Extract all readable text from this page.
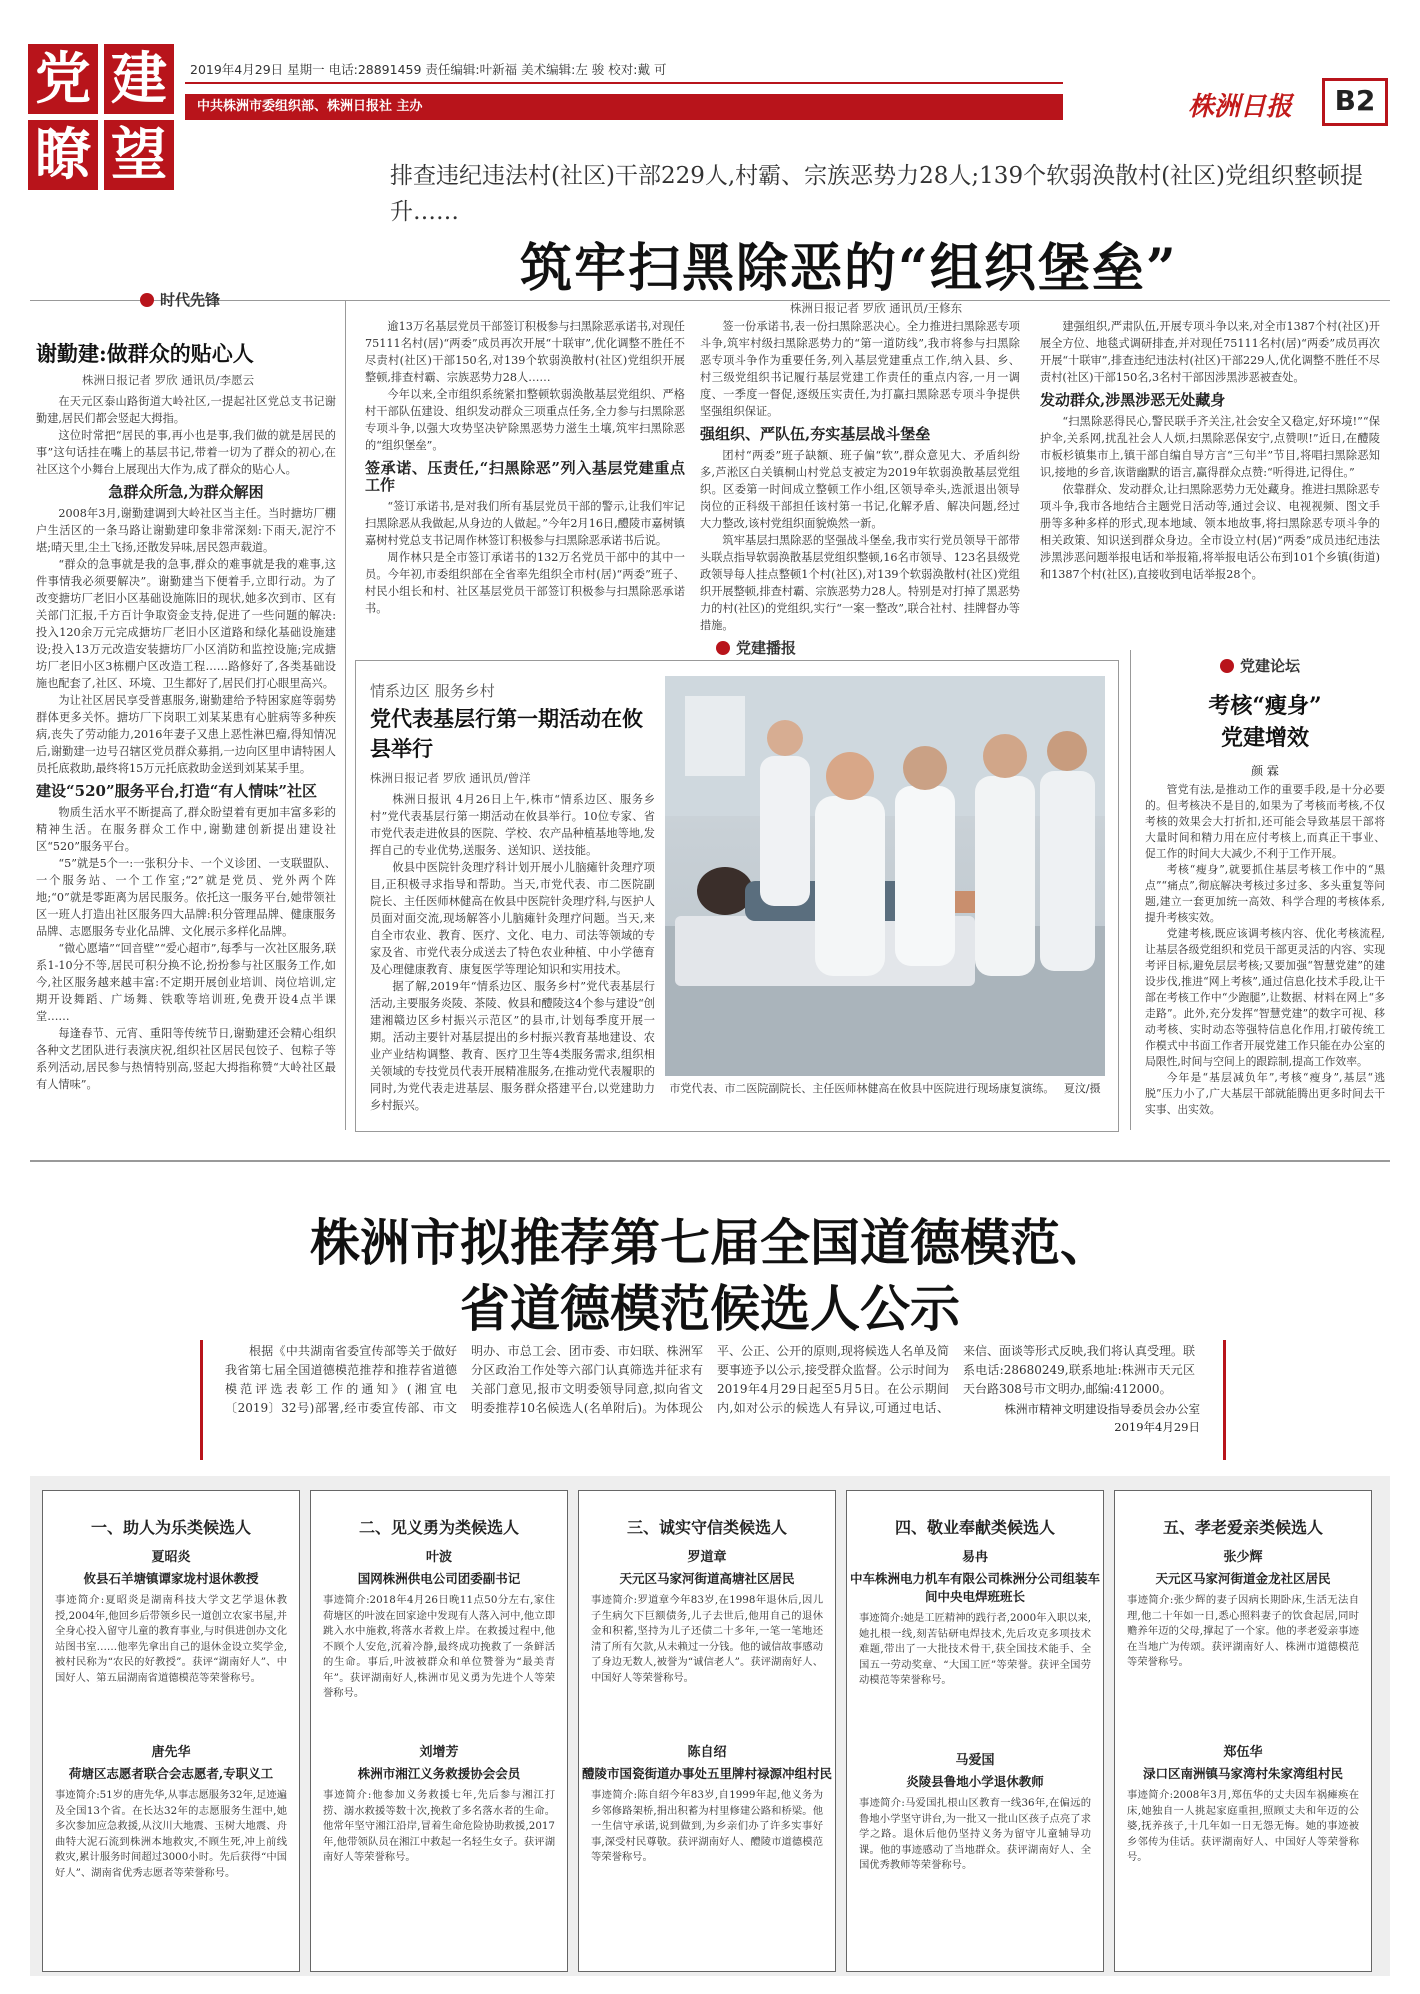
党 建
瞭 望
2019年4月29日 星期一 电话:28891459 责任编辑:叶新福 美术编辑:左 骏 校对:戴 可
中共株洲市委组织部、株洲日报社 主办	株洲日报	B2
排查违纪违法村(社区)干部229人,村霸、宗族恶势力28人;139个软弱涣散村(社区)党组织整顿提升……
筑牢扫黑除恶的“组织堡垒”
时代先锋
谢勤建:做群众的贴心人

株洲日报记者 罗欣 通讯员/李愿云

在天元区泰山路街道大岭社区,一提起社区党总支书记谢勤建,居民们都会竖起大拇指。

这位时常把“居民的事,再小也是事,我们做的就是居民的事”这句话挂在嘴上的基层书记,带着一切为了群众的初心,在社区这个小舞台上展现出大作为,成了群众的贴心人。

急群众所急,为群众解困

2008年3月,谢勤建调到大岭社区当主任。当时搪坊厂棚户生活区的一条马路让谢勤建印象非常深刻:下雨天,泥泞不堪;晴天里,尘土飞扬,还散发异味,居民怨声载道。

“群众的急事就是我的急事,群众的难事就是我的难事,这件事情我必须要解决”。谢勤建当下便着手,立即行动。为了改变搪坊厂老旧小区基础设施陈旧的现状,她多次到市、区有关部门汇报,千方百计争取资金支持,促进了一些问题的解决:投入120余万元完成搪坊厂老旧小区道路和绿化基础设施建设;投入13万元改造安装搪坊厂小区消防和监控设施;完成搪坊厂老旧小区3栋棚户区改造工程……路修好了,各类基础设施也配套了,社区、环境、卫生都好了,居民们打心眼里高兴。

为让社区居民享受普惠服务,谢勤建给予特困家庭等弱势群体更多关怀。搪坊厂下岗职工刘某某患有心脏病等多种疾病,丧失了劳动能力,2016年妻子又患上恶性淋巴瘤,得知情况后,谢勤建一边号召辖区党员群众募捐,一边向区里申请特困人员托底救助,最终将15万元托底救助金送到刘某某手里。

建设“520”服务平台,打造“有人情味”社区

物质生活水平不断提高了,群众盼望着有更加丰富多彩的精神生活。在服务群众工作中,谢勤建创新提出建设社区“520”服务平台。

“5”就是5个一:一张积分卡、一个义诊团、一支联盟队、一个服务站、一个工作室;“2”就是党员、党外两个阵地;“0”就是零距离为居民服务。依托这一服务平台,她带领社区一班人打造出社区服务四大品牌:积分管理品牌、健康服务品牌、志愿服务专业化品牌、文化展示多样化品牌。

“微心愿墙”“回音壁”“爱心超市”,每季与一次社区服务,联系1-10分不等,居民可积分换不论,扮扮参与社区服务工作,如今,社区服务越来越丰富:不定期开展创业培训、岗位培训,定期开设舞蹈、广场舞、铁歌等培训班,免费开设4点半课堂……

每逢春节、元宵、重阳等传统节日,谢勤建还会精心组织各种文艺团队进行表演庆祝,组织社区居民包饺子、包粽子等系列活动,居民参与热情特别高,竖起大拇指称赞“大岭社区最有人情味”。

株洲日报记者 罗欣 通讯员/王修东

逾13万名基层党员干部签订积极参与扫黑除恶承诺书,对现任75111名村(居)“两委”成员再次开展“十联审”,优化调整不胜任不尽责村(社区)干部150名,对139个软弱涣散村(社区)党组织开展整顿,排查村霸、宗族恶势力28人……

今年以来,全市组织系统紧扣整顿软弱涣散基层党组织、严格村干部队伍建设、组织发动群众三项重点任务,全力参与扫黑除恶专项斗争,以强大攻势坚决铲除黑恶势力滋生土壤,筑牢扫黑除恶的“组织堡垒”。

签承诺、压责任,“扫黑除恶”列入基层党建重点工作

“签订承诺书,是对我们所有基层党员干部的警示,让我们牢记扫黑除恶从我做起,从身边的人做起。”今年2月16日,醴陵市嘉树镇嘉树村党总支书记周作林签订积极参与扫黑除恶承诺书后说。

周作林只是全市签订承诺书的132万名党员干部中的其中一员。今年初,市委组织部在全省率先组织全市村(居)“两委”班子、村民小组长和村、社区基层党员干部签订积极参与扫黑除恶承诺书。

签一份承诺书,表一份扫黑除恶决心。全力推进扫黑除恶专项斗争,筑牢村级扫黑除恶势力的“第一道防线”,我市将参与扫黑除恶专项斗争作为重要任务,列入基层党建重点工作,纳入县、乡、村三级党组织书记履行基层党建工作责任的重点内容,一月一调度、一季度一督促,逐级压实责任,为打赢扫黑除恶专项斗争提供坚强组织保证。

强组织、严队伍,夯实基层战斗堡垒

团村“两委”班子缺额、班子偏“软”,群众意见大、矛盾纠纷多,芦淞区白关镇桐山村党总支被定为2019年软弱涣散基层党组织。区委第一时间成立整顿工作小组,区领导牵头,选派退出领导岗位的正科级干部担任该村第一书记,化解矛盾、解决问题,经过大力整改,该村党组织面貌焕然一新。

筑牢基层扫黑除恶的坚强战斗堡垒,我市实行党员领导干部带头联点指导软弱涣散基层党组织整顿,16名市领导、123名县级党政领导每人挂点整顿1个村(社区),对139个软弱涣散村(社区)党组织开展整顿,排查村霸、宗族恶势力28人。特别是对打掉了黑恶势力的村(社区)的党组织,实行“一案一整改”,联合社村、挂牌督办等措施。

建强组织,严肃队伍,开展专项斗争以来,对全市1387个村(社区)开展全方位、地毯式调研排查,并对现任75111名村(居)“两委”成员再次开展“十联审”,排查违纪违法村(社区)干部229人,优化调整不胜任不尽责村(社区)干部150名,3名村干部因涉黑涉恶被查处。

发动群众,涉黑涉恶无处藏身

“扫黑除恶得民心,警民联手齐关注,社会安全又稳定,好环境!”“保护伞,关系网,扰乱社会人人烦,扫黑除恶保安宁,点赞呗!”近日,在醴陵市板杉镇集市上,镇干部自编自导方言“三句半”节目,将唱扫黑除恶知识,接地的乡音,诙谐幽默的语言,赢得群众点赞:“听得进,记得住。”

依靠群众、发动群众,让扫黑除恶势力无处藏身。推进扫黑除恶专项斗争,我市各地结合主题党日活动等,通过会议、电视视频、图文手册等多种多样的形式,现本地域、领本地故事,将扫黑除恶专项斗争的相关政策、知识送到群众身边。全市设立村(居)“两委”成员违纪违法涉黑涉恶问题举报电话和举报箱,将举报电话公布到101个乡镇(街道)和1387个村(社区),直接收到电话举报28个。

党建播报
情系边区 服务乡村
党代表基层行第一期活动在攸县举行

株洲日报记者 罗欣 通讯员/曾洋

株洲日报讯 4月26日上午,株市“情系边区、服务乡村”党代表基层行第一期活动在攸县举行。10位专家、省市党代表走进攸县的医院、学校、农产品种植基地等地,发挥自己的专业优势,送服务、送知识、送技能。

攸县中医院针灸理疗科计划开展小儿脑瘫针灸理疗项目,正积极寻求指导和帮助。当天,市党代表、市二医院副院长、主任医师林健高在攸县中医院针灸理疗科,与医护人员面对面交流,现场解答小儿脑瘫针灸理疗问题。当天,来自全市农业、教育、医疗、文化、电力、司法等领域的专家及省、市党代表分成送去了特色农业种植、中小学德育及心理健康教育、康复医学等理论知识和实用技术。

据了解,2019年“情系边区、服务乡村”党代表基层行活动,主要服务炎陵、茶陵、攸县和醴陵这4个参与建设“创建湘赣边区乡村振兴示范区”的县市,计划每季度开展一期。活动主要针对基层提出的乡村振兴教育基地建设、农业产业结构调整、教育、医疗卫生等4类服务需求,组织相关领域的专技党员代表开展精准服务,在推动党代表履职的同时,为党代表走进基层、服务群众搭建平台,以党建助力乡村振兴。

市党代表、市二医院副院长、主任医师林健高在攸县中医院进行现场康复演练。 夏汶/摄
党建论坛
考核“瘦身”
党建增效
颜 霖

管党有法,是推动工作的重要手段,是十分必要的。但考核决不是目的,如果为了考核而考核,不仅考核的效果会大打折扣,还可能会导致基层干部将大量时间和精力用在应付考核上,而真正干事业、促工作的时间大大减少,不利于工作开展。

考核“瘦身”,就要抓住基层考核工作中的“黑点”“痛点”,彻底解决考核过多过多、多头重复等问题,建立一套更加统一高效、科学合理的考核体系,提升考核实效。

党建考核,既应该调考核内容、优化考核流程,让基层各级党组织和党员干部更灵活的内容、实现考评目标,避免层层考核;又要加强“智慧党建”的建设步伐,推进“网上考核”,通过信息化技术手段,让干部在考核工作中“少跑腿”,让数据、材料在网上“多走路”。此外,充分发挥“智慧党建”的数字可视、移动考核、实时动态等强特信息化作用,打破传统工作模式中书面工作者开展党建工作只能在办公室的局限性,时间与空间上的跟踪制,提高工作效率。

今年是“基层减负年”,考核“瘦身”,基层“逃脱”压力小了,广大基层干部就能腾出更多时间去干实事、出实效。

株洲市拟推荐第七届全国道德模范、
省道德模范候选人公示

根据《中共湖南省委宣传部等关于做好我省第七届全国道德模范推荐和推荐省道德模范评选表彰工作的通知》(湘宣电〔2019〕32号)部署,经市委宣传部、市文明办、市总工会、团市委、市妇联、株洲军分区政治工作处等六部门认真筛选并征求有关部门意见,报市文明委领导同意,拟向省文明委推荐10名候选人(名单附后)。为体现公平、公正、公开的原则,现将候选人名单及简要事迹予以公示,接受群众监督。公示时间为2019年4月29日起至5月5日。在公示期间内,如对公示的候选人有异议,可通过电话、来信、面谈等形式反映,我们将认真受理。联系电话:28680249,联系地址:株洲市天元区天台路308号市文明办,邮编:412000。

株洲市精神文明建设指导委员会办公室
2019年4月29日
一、助人为乐类候选人
夏昭炎
攸县石羊塘镇谭家垅村退休教授
事迹简介:夏昭炎是湖南科技大学文艺学退休教授,2004年,他回乡后带领乡民一道创立农家书屋,并全身心投入留守儿童的教育事业,与时俱进创办文化站图书室……他率先拿出自己的退休金设立奖学金,被村民称为“农民的好教授”。获评“湖南好人”、中国好人、第五届湖南省道德模范等荣誉称号。
唐先华
荷塘区志愿者联合会志愿者,专职义工
事迹简介:51岁的唐先华,从事志愿服务32年,足迹遍及全国13个省。在长达32年的志愿服务生涯中,她多次参加应急救援,从汶川大地震、玉树大地震、舟曲特大泥石流到株洲本地救灾,不顾生死,冲上前线救灾,累计服务时间超过3000小时。先后获得“中国好人”、湖南省优秀志愿者等荣誉称号。
二、见义勇为类候选人
叶波
国网株洲供电公司团委副书记
事迹简介:2018年4月26日晚11点50分左右,家住荷塘区的叶波在回家途中发现有人落入河中,他立即跳入水中施救,将落水者救上岸。在救援过程中,他不顾个人安危,沉着冷静,最终成功挽救了一条鲜活的生命。事后,叶波被群众和单位赞誉为“最美青年”。获评湖南好人,株洲市见义勇为先进个人等荣誉称号。
刘增芳
株洲市湘江义务救援协会会员
事迹简介:他参加义务救援七年,先后参与湘江打捞、溺水救援等数十次,挽救了多名落水者的生命。他常年坚守湘江沿岸,冒着生命危险协助救援,2017年,他带领队员在湘江中救起一名轻生女子。获评湖南好人等荣誉称号。
三、诚实守信类候选人
罗道章
天元区马家河街道高塘社区居民
事迹简介:罗道章今年83岁,在1998年退休后,因儿子生病欠下巨额债务,儿子去世后,他用自己的退休金和积蓄,坚持为儿子还债二十多年,一笔一笔地还清了所有欠款,从未赖过一分钱。他的诚信故事感动了身边无数人,被誉为“诚信老人”。获评湖南好人、中国好人等荣誉称号。
陈自绍
醴陵市国瓷街道办事处五里牌村禄源冲组村民
事迹简介:陈自绍今年83岁,自1999年起,他义务为乡邻修路架桥,捐出积蓄为村里修建公路和桥梁。他一生信守承诺,说到做到,为乡亲们办了许多实事好事,深受村民尊敬。获评湖南好人、醴陵市道德模范等荣誉称号。
四、敬业奉献类候选人
易冉
中车株洲电力机车有限公司株洲分公司组装车间中央电焊班班长
事迹简介:她是工匠精神的践行者,2000年入职以来,她扎根一线,刻苦钻研电焊技术,先后攻克多项技术难题,带出了一大批技术骨干,获全国技术能手、全国五一劳动奖章、“大国工匠”等荣誉。获评全国劳动模范等荣誉称号。
马爱国
炎陵县鲁地小学退休教师
事迹简介:马爱国扎根山区教育一线36年,在偏远的鲁地小学坚守讲台,为一批又一批山区孩子点亮了求学之路。退休后他仍坚持义务为留守儿童辅导功课。他的事迹感动了当地群众。获评湖南好人、全国优秀教师等荣誉称号。
五、孝老爱亲类候选人
张少辉
天元区马家河街道金龙社区居民
事迹简介:张少辉的妻子因病长期卧床,生活无法自理,他二十年如一日,悉心照料妻子的饮食起居,同时赡养年迈的父母,撑起了一个家。他的孝老爱亲事迹在当地广为传颂。获评湖南好人、株洲市道德模范等荣誉称号。
郑伍华
渌口区南洲镇马家湾村朱家湾组村民
事迹简介:2008年3月,郑伍华的丈夫因车祸瘫痪在床,她独自一人挑起家庭重担,照顾丈夫和年迈的公婆,抚养孩子,十几年如一日无怨无悔。她的事迹被乡邻传为佳话。获评湖南好人、中国好人等荣誉称号。
